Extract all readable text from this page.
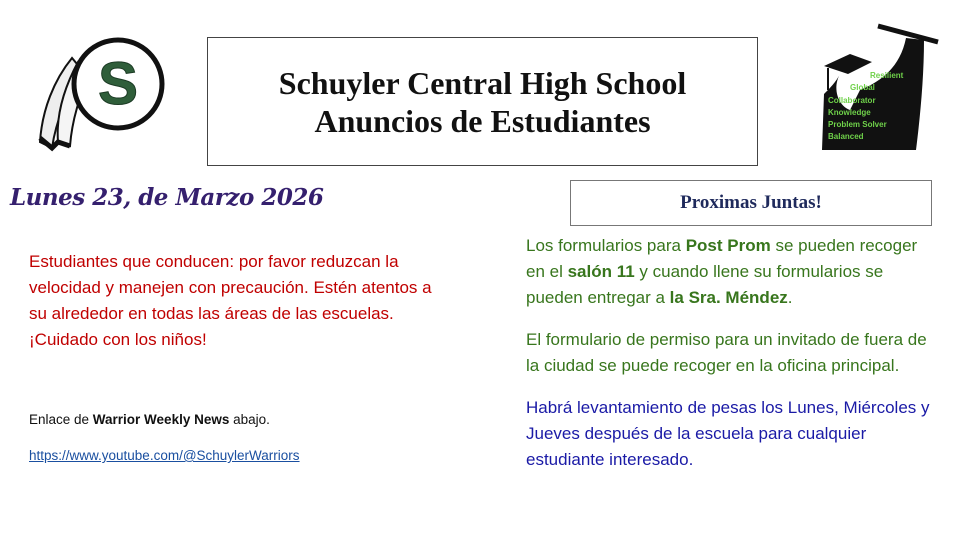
S	Schuyler Central High School
Anuncios de Estudiantes
Resilient
Global
Collaborator
Knowledge
Problem Solver
Balanced
Lunes 23, de Marzo 2026	Proximas Juntas!
Estudiantes que conducen: por favor reduzcan la velocidad y manejen con precaución. Estén atentos a su alrededor en todas las áreas de las escuelas. ¡Cuidado con los niños!
Enlace de Warrior Weekly News abajo.
https://www.youtube.com/@SchuylerWarriors
Los formularios para Post Prom se pueden recoger en el salón 11 y cuando llene su formularios se pueden entregar a la Sra. Méndez.
El formulario de permiso para un invitado de fuera de la ciudad se puede recoger en la oficina principal.
Habrá levantamiento de pesas los Lunes, Miércoles y Jueves después de la escuela para cualquier estudiante interesado.
